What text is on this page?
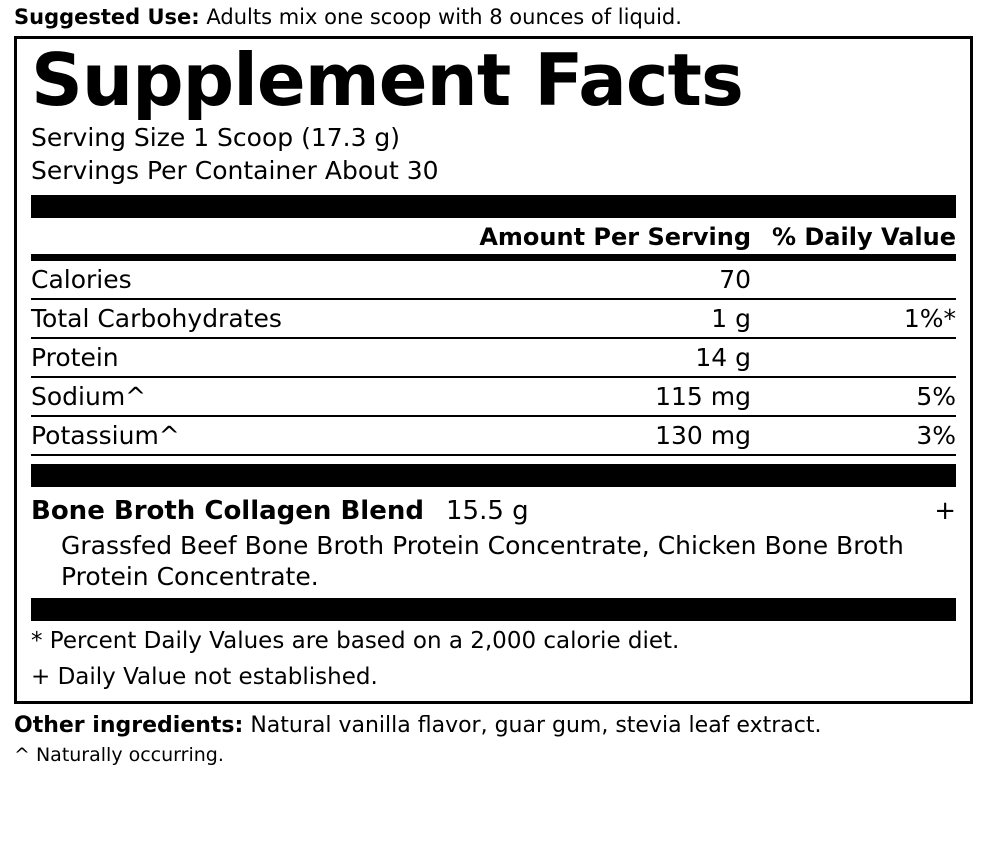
Suggested Use: Adults mix one scoop with 8 ounces of liquid.
Supplement Facts
Serving Size 1 Scoop (17.3 g)
Servings Per Container About 30
Amount Per Serving % Daily Value
Calories	70
Total Carbohydrates	1 g	1%*
Protein	14 g
Sodium^	115 mg	5%
Potassium^	130 mg	3%
Bone Broth Collagen Blend 15.5 g	+
Grassfed Beef Bone Broth Protein Concentrate, Chicken Bone Broth Protein Concentrate.
* Percent Daily Values are based on a 2,000 calorie diet.
+ Daily Value not established.
Other ingredients: Natural vanilla flavor, guar gum, stevia leaf extract.
^ Naturally occurring.
